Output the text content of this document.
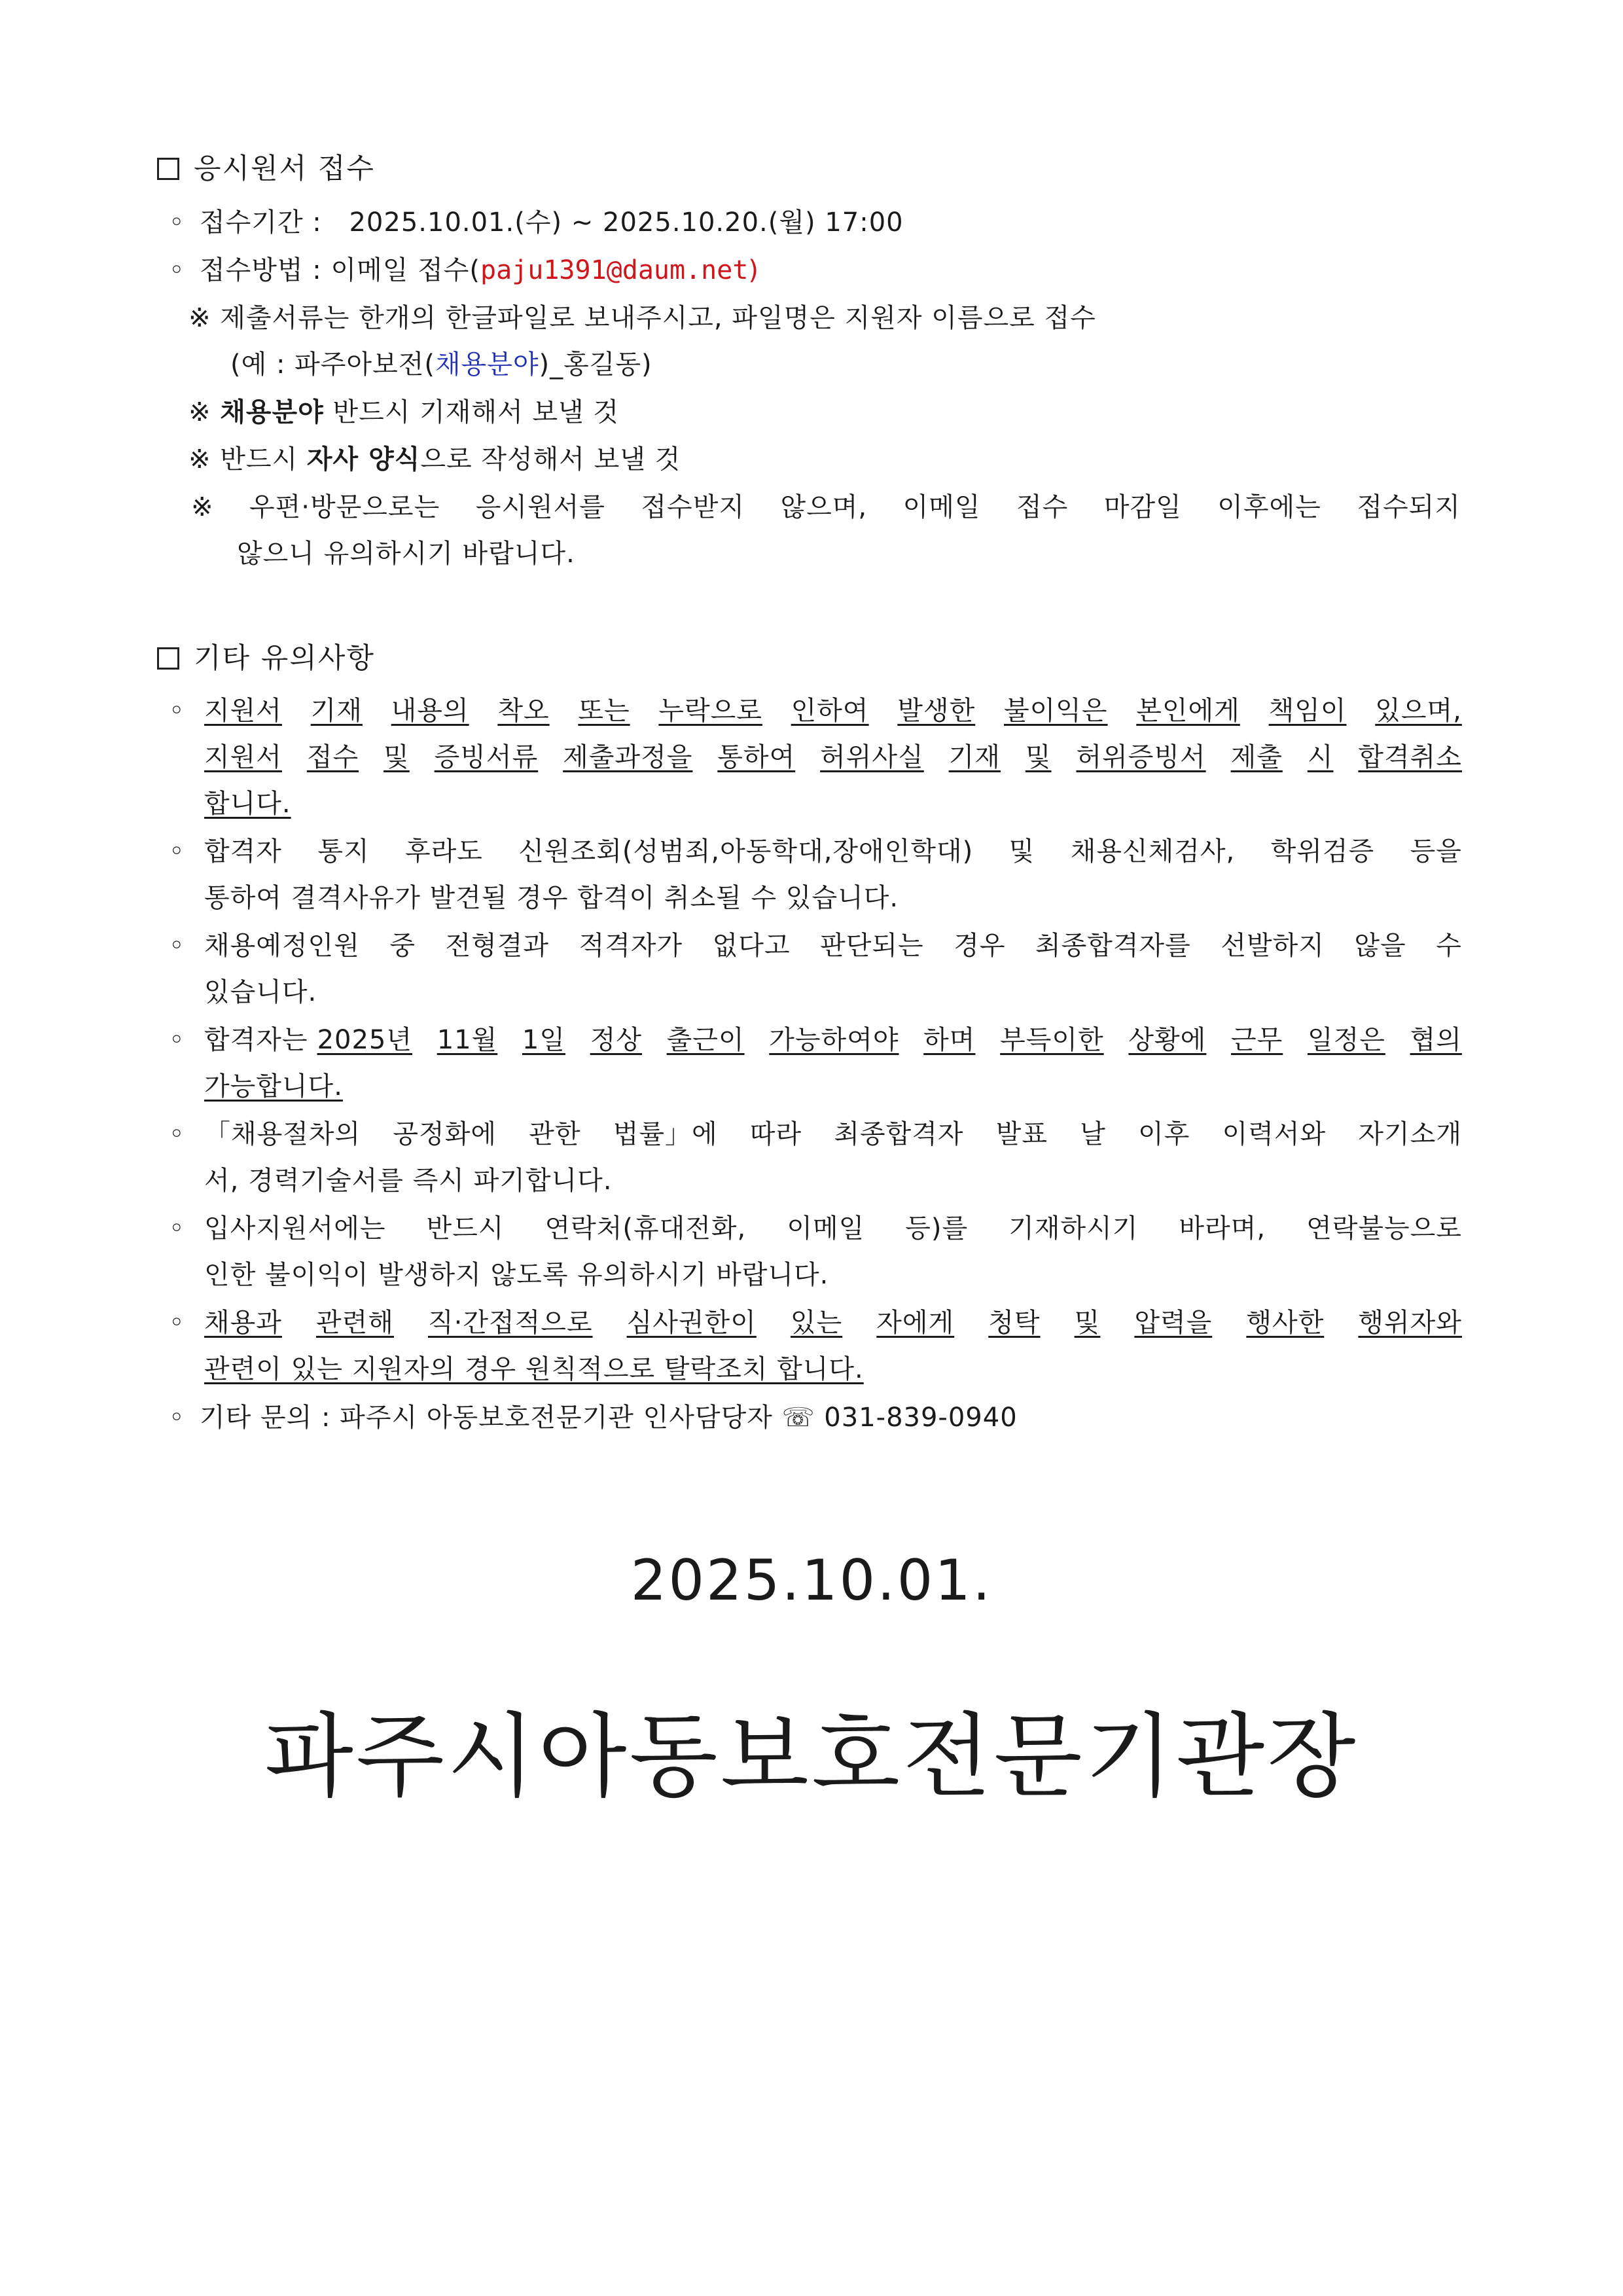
응시원서 접수
◦ 접수기간 : 2025.10.01.(수) ~ 2025.10.20.(월) 17:00
◦ 접수방법 : 이메일 접수(paju1391@daum.net)
※ 제출서류는 한개의 한글파일로 보내주시고, 파일명은 지원자 이름으로 접수
(예 : 파주아보전(채용분야)_홍길동)
※ 채용분야 반드시 기재해서 보낼 것
※ 반드시 자사 양식으로 작성해서 보낼 것
※ 우편·방문으로는 응시원서를 접수받지 않으며, 이메일 접수 마감일 이후에는 접수되지
않으니 유의하시기 바랍니다.
기타 유의사항
◦ 지원서 기재 내용의 착오 또는 누락으로 인하여 발생한 불이익은 본인에게 책임이 있으며,
지원서 접수 및 증빙서류 제출과정을 통하여 허위사실 기재 및 허위증빙서 제출 시 합격취소
합니다.
◦ 합격자 통지 후라도 신원조회(성범죄,아동학대,장애인학대) 및 채용신체검사, 학위검증 등을
통하여 결격사유가 발견될 경우 합격이 취소될 수 있습니다.
◦ 채용예정인원 중 전형결과 적격자가 없다고 판단되는 경우 최종합격자를 선발하지 않을 수
있습니다.
◦ 합격자는 2025년 11월 1일 정상 출근이 가능하여야 하며 부득이한 상황에 근무 일정은 협의
가능합니다.
◦ 「채용절차의 공정화에 관한 법률」에 따라 최종합격자 발표 날 이후 이력서와 자기소개
서, 경력기술서를 즉시 파기합니다.
◦ 입사지원서에는 반드시 연락처(휴대전화, 이메일 등)를 기재하시기 바라며, 연락불능으로
인한 불이익이 발생하지 않도록 유의하시기 바랍니다.
◦ 채용과 관련해 직·간접적으로 심사권한이 있는 자에게 청탁 및 압력을 행사한 행위자와
관련이 있는 지원자의 경우 원칙적으로 탈락조치 합니다.
◦ 기타 문의 : 파주시 아동보호전문기관 인사담당자 ☏ 031-839-0940
2025.10.01.
파주시아동보호전문기관장
